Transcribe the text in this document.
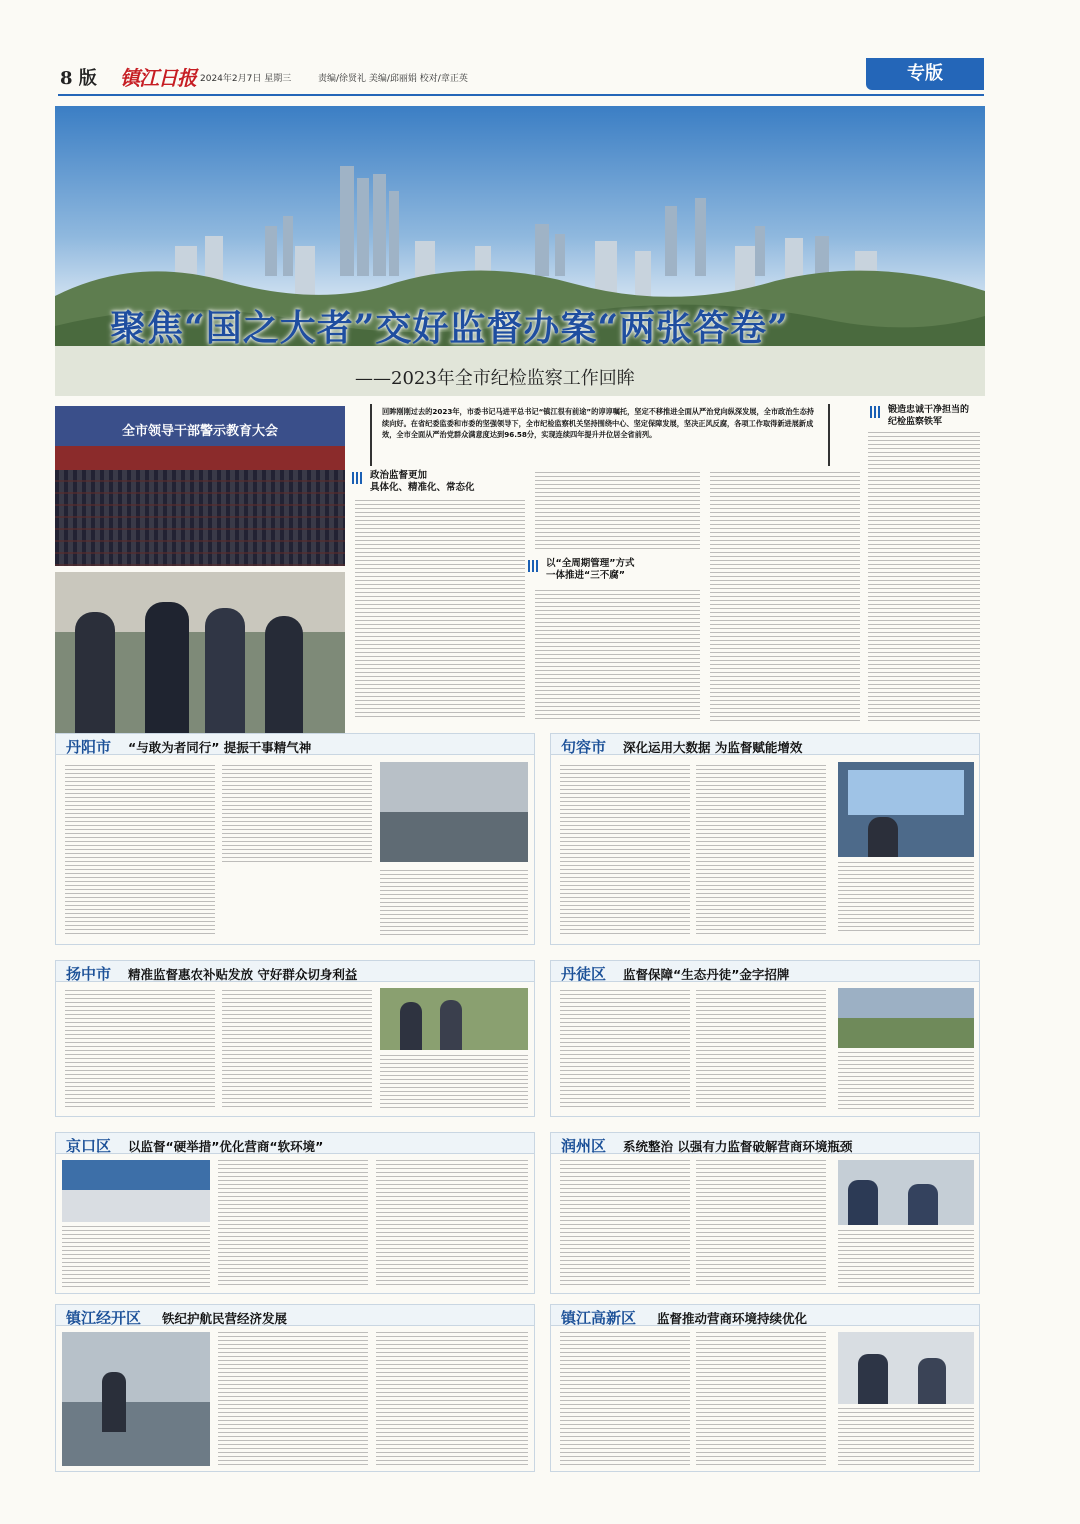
8 版 镇江日报 2024年2月7日 星期三	责编/徐贤礼 美编/邱丽娟 校对/章正英	专版
聚焦“国之大者”交好监督办案“两张答卷”
——2023年全市纪检监察工作回眸
全市领导干部警示教育大会
回眸刚刚过去的2023年，市委书记马进平总书记“镇江很有前途”的谆谆嘱托，坚定不移推进全面从严治党向纵深发展，全市政治生态持续向好。在省纪委监委和市委的坚强领导下，全市纪检监察机关坚持围绕中心、坚定保障发展，坚决正风反腐，各项工作取得新进展新成效，全市全面从严治党群众满意度达到96.58分，实现连续四年提升并位居全省前列。
政治监督更加
具体化、精准化、常态化
以“全周期管理”方式
一体推进“三不腐”
锻造忠诚干净担当的
纪检监察铁军
丹阳市 “与敢为者同行” 提振干事精气神	句容市 深化运用大数据 为监督赋能增效
扬中市 精准监督惠农补贴发放 守好群众切身利益	丹徒区 监督保障“生态丹徒”金字招牌
京口区 以监督“硬举措”优化营商“软环境”	润州区 系统整治 以强有力监督破解营商环境瓶颈
镇江经开区 铁纪护航民营经济发展	镇江高新区 监督推动营商环境持续优化
